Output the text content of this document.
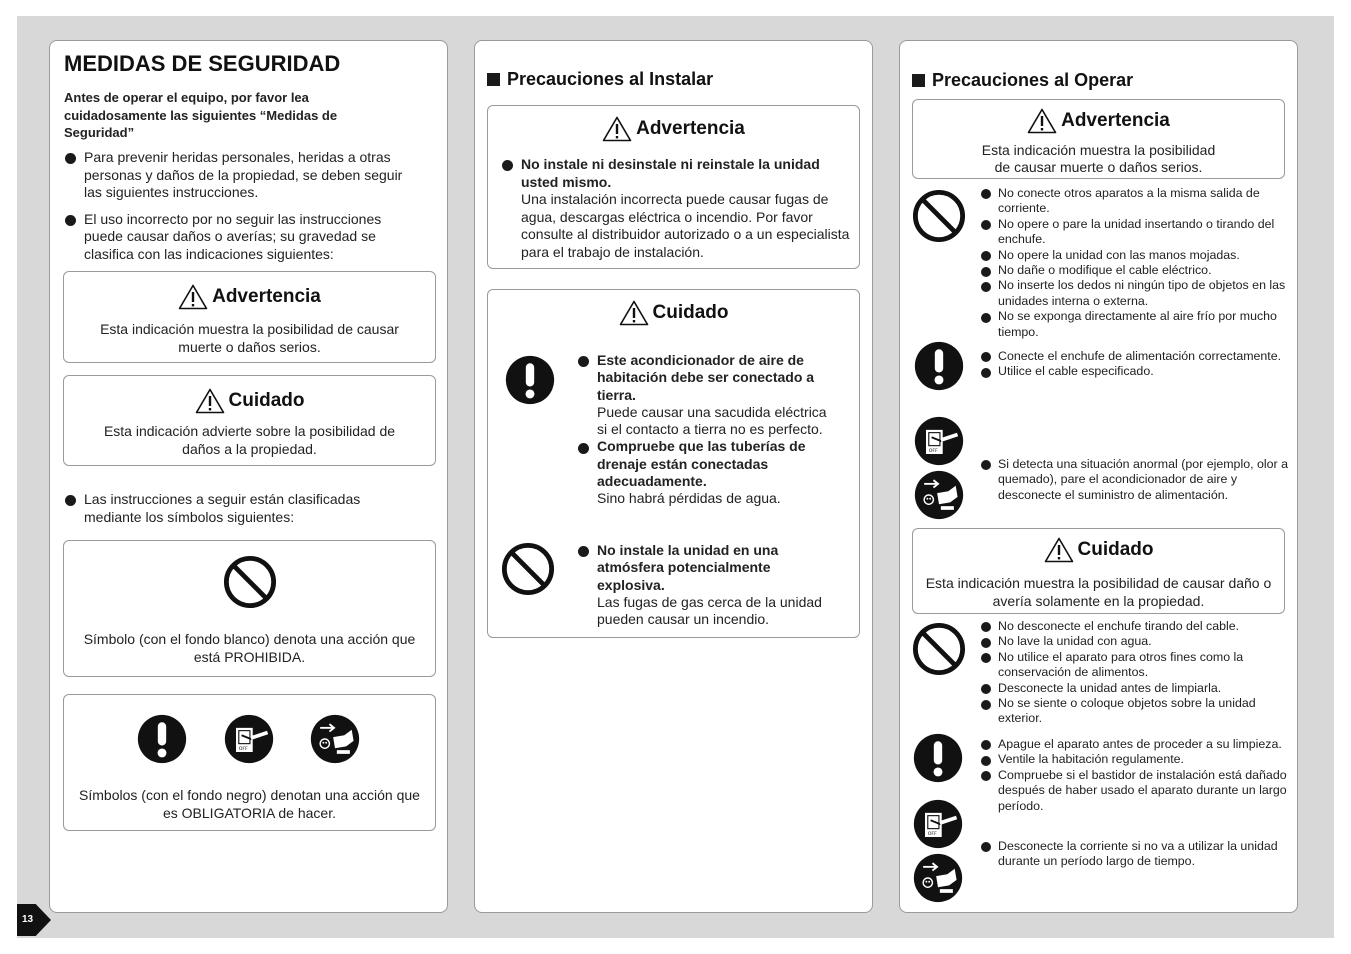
MEDIDAS DE SEGURIDAD
Antes de operar el equipo, por favor lea cuidadosamente las siguientes “Medidas de Seguridad”
Para prevenir heridas personales, heridas a otras personas y daños de la propiedad, se deben seguir las siguientes instrucciones.
El uso incorrecto por no seguir las instrucciones puede causar daños o averías; su gravedad se clasifica con las indicaciones siguientes:
Advertencia
Esta indicación muestra la posibilidad de causar muerte o daños serios.
Cuidado
Esta indicación advierte sobre la posibilidad de daños a la propiedad.
Las instrucciones a seguir están clasificadas mediante los símbolos siguientes:
Símbolo (con el fondo blanco) denota una acción que está PROHIBIDA.
Símbolos (con el fondo negro) denotan una acción que es OBLIGATORIA de hacer.
Precauciones al Instalar
Advertencia
No instale ni desinstale ni reinstale la unidad usted mismo.
Una instalación incorrecta puede causar fugas de agua, descargas eléctrica o incendio. Por favor consulte al distribuidor autorizado o a un especialista para el trabajo de instalación.
Cuidado
Este acondicionador de aire de habitación debe ser conectado a tierra.
Puede causar una sacudida eléctrica si el contacto a tierra no es perfecto.
Compruebe que las tuberías de drenaje están conectadas adecuadamente.
Sino habrá pérdidas de agua.
No instale la unidad en una atmósfera potencialmente explosiva.
Las fugas de gas cerca de la unidad pueden causar un incendio.
Precauciones al Operar
Advertencia
Esta indicación muestra la posibilidad de causar muerte o daños serios.
No conecte otros aparatos a la misma salida de corriente.
No opere o pare la unidad insertando o tirando del enchufe.
No opere la unidad con las manos mojadas.
No dañe o modifique el cable eléctrico.
No inserte los dedos ni ningún tipo de objetos en las unidades interna o externa.
No se exponga directamente al aire frío por mucho tiempo.
Conecte el enchufe de alimentación correctamente.
Utilice el cable especificado.
Si detecta una situación anormal (por ejemplo, olor a quemado), pare el acondicionador de aire y desconecte el suministro de alimentación.
Cuidado
Esta indicación muestra la posibilidad de causar daño o avería solamente en la propiedad.
No desconecte el enchufe tirando del cable.
No lave la unidad con agua.
No utilice el aparato para otros fines como la conservación de alimentos.
Desconecte la unidad antes de limpiarla.
No se siente o coloque objetos sobre la unidad exterior.
Apague el aparato antes de proceder a su limpieza.
Ventile la habitación regulamente.
Compruebe si el bastidor de instalación está dañado después de haber usado el aparato durante un largo período.
Desconecte la corriente si no va a utilizar la unidad durante un período largo de tiempo.
13
